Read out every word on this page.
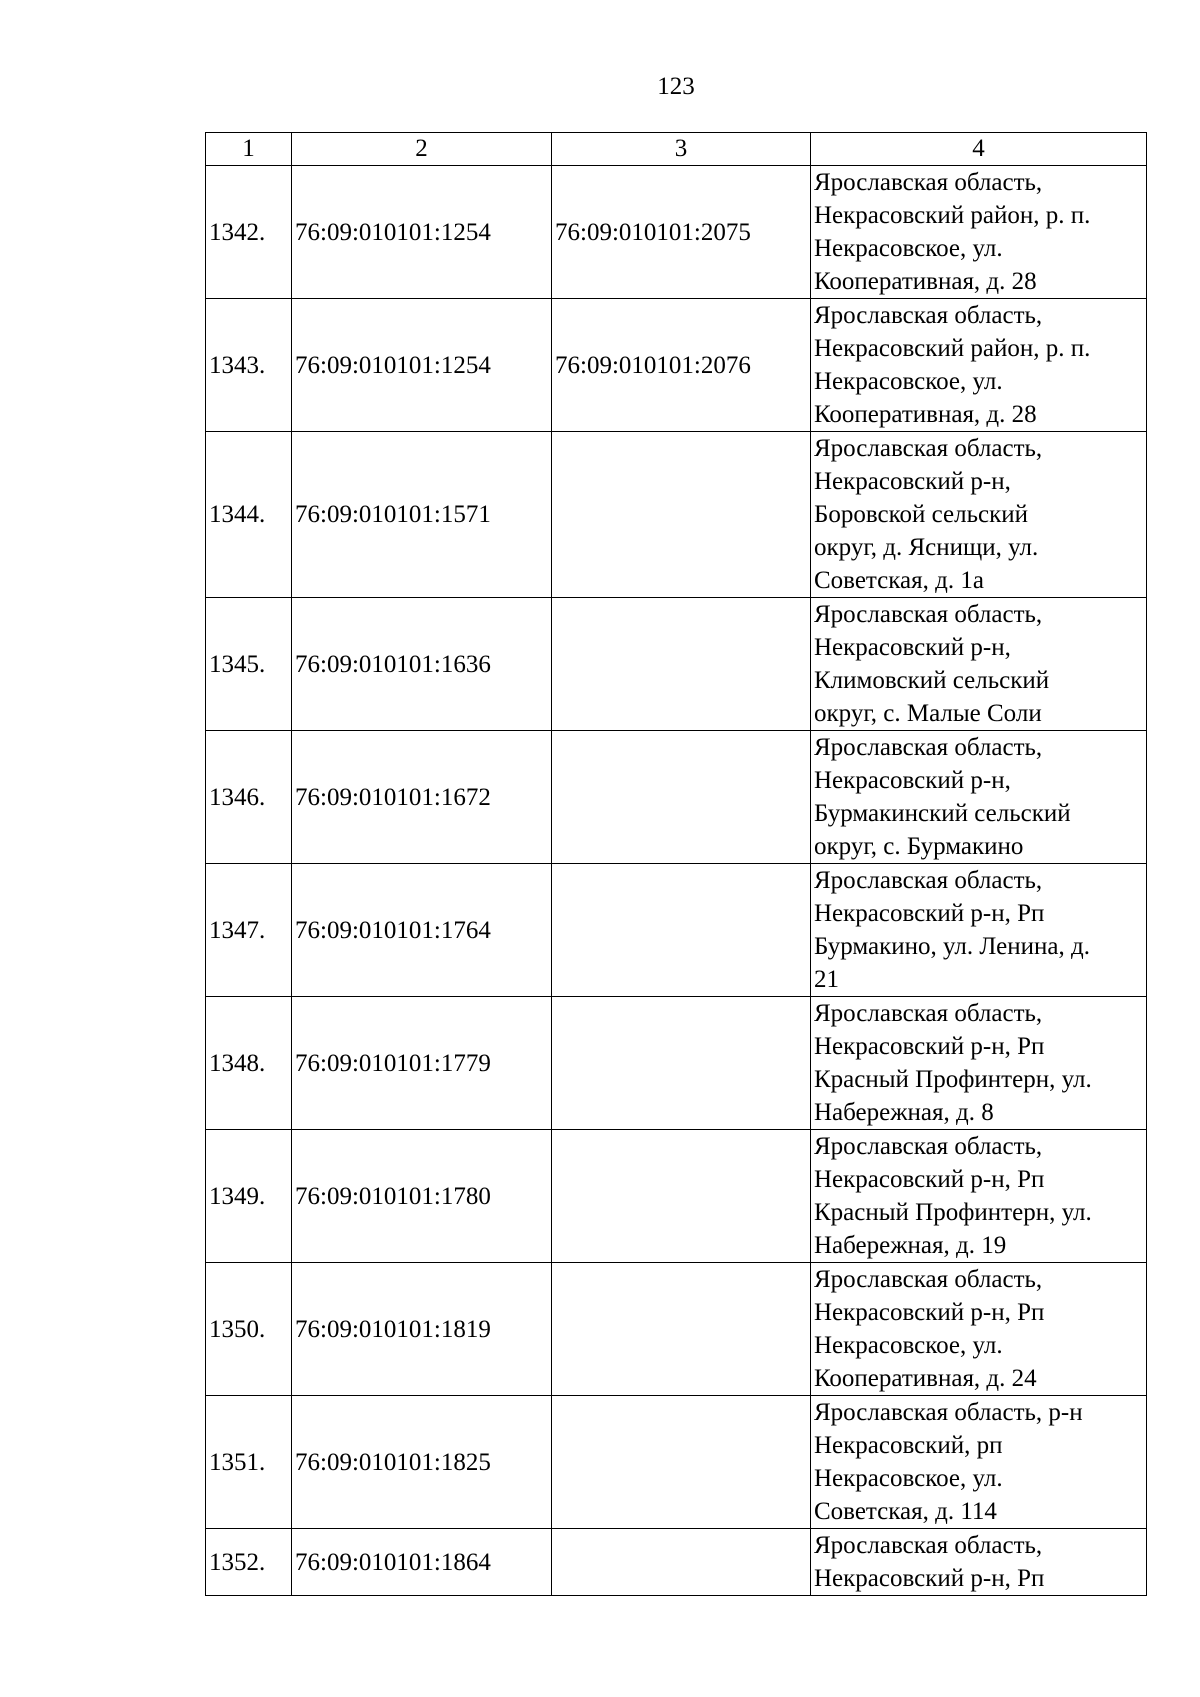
123
1	2	3	4
1342.	76:09:010101:1254	76:09:010101:2075	Ярославская область,
Некрасовский район, р. п.
Некрасовское, ул.
Кооперативная, д. 28

1343.	76:09:010101:1254	76:09:010101:2076	Ярославская область,
Некрасовский район, р. п.
Некрасовское, ул.
Кооперативная, д. 28

1344.	76:09:010101:1571		Ярославская область,
Некрасовский р-н,
Боровской сельский
округ, д. Яснищи, ул.
Советская, д. 1а

1345.	76:09:010101:1636		Ярославская область,
Некрасовский р-н,
Климовский сельский
округ, с. Малые Соли

1346.	76:09:010101:1672		Ярославская область,
Некрасовский р-н,
Бурмакинский сельский
округ, с. Бурмакино

1347.	76:09:010101:1764		Ярославская область,
Некрасовский р-н, Рп
Бурмакино, ул. Ленина, д.
21

1348.	76:09:010101:1779		Ярославская область,
Некрасовский р-н, Рп
Красный Профинтерн, ул.
Набережная, д. 8

1349.	76:09:010101:1780		Ярославская область,
Некрасовский р-н, Рп
Красный Профинтерн, ул.
Набережная, д. 19

1350.	76:09:010101:1819		Ярославская область,
Некрасовский р-н, Рп
Некрасовское, ул.
Кооперативная, д. 24

1351.	76:09:010101:1825		Ярославская область, р-н
Некрасовский, рп
Некрасовское, ул.
Советская, д. 114

1352.	76:09:010101:1864		Ярославская область,
Некрасовский р-н, Рп
